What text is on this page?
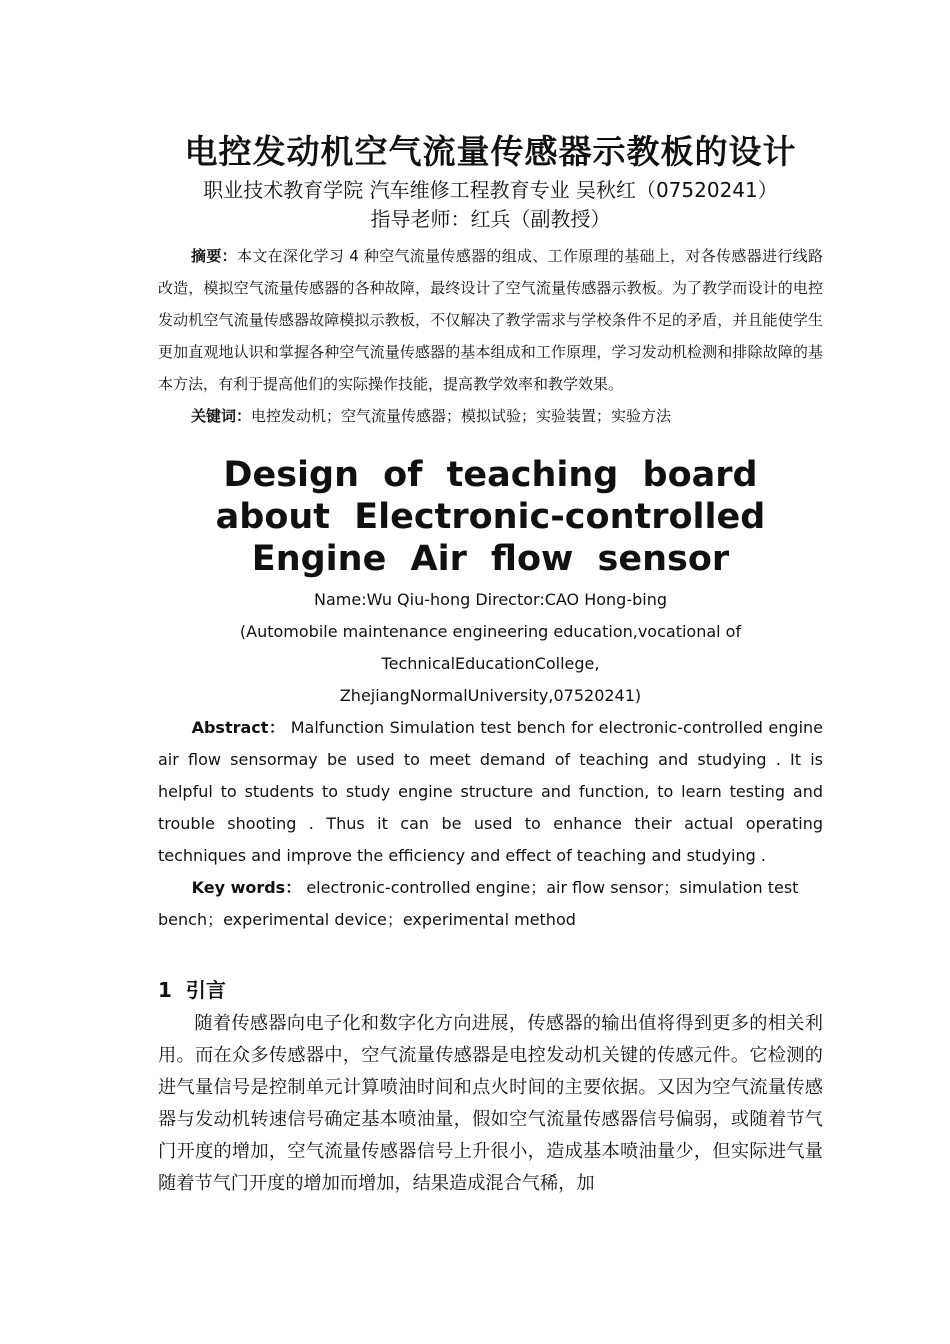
电控发动机空气流量传感器示教板的设计

职业技术教育学院 汽车维修工程教育专业 吴秋红（07520241）

指导老师：红兵（副教授）

摘要：本文在深化学习 4 种空气流量传感器的组成、工作原理的基础上，对各传感器进行线路改造，模拟空气流量传感器的各种故障，最终设计了空气流量传感器示教板。为了教学而设计的电控发动机空气流量传感器故障模拟示教板，不仅解决了教学需求与学校条件不足的矛盾，并且能使学生更加直观地认识和掌握各种空气流量传感器的基本组成和工作原理，学习发动机检测和排除故障的基本方法，有利于提高他们的实际操作技能，提高教学效率和教学效果。

关键词：电控发动机；空气流量传感器；模拟试验；实验装置；实验方法

Design of teaching board
about Electronic-controlled
Engine Air flow sensor

Name:Wu Qiu-hong Director:CAO Hong-bing

(Automobile maintenance engineering education,vocational of

TechnicalEducationCollege,

ZhejiangNormalUniversity,07520241)

Abstract： Malfunction Simulation test bench for electronic-controlled engine air flow sensormay be used to meet demand of teaching and studying . It is helpful to students to study engine structure and function, to learn testing and trouble shooting . Thus it can be used to enhance their actual operating techniques and improve the efficiency and effect of teaching and studying .

Key words： electronic-controlled engine；air flow sensor；simulation test bench；experimental device；experimental method

1 引言

随着传感器向电子化和数字化方向进展，传感器的输出值将得到更多的相关利用。而在众多传感器中，空气流量传感器是电控发动机关键的传感元件。它检测的进气量信号是控制单元计算喷油时间和点火时间的主要依据。又因为空气流量传感器与发动机转速信号确定基本喷油量，假如空气流量传感器信号偏弱，或随着节气门开度的增加，空气流量传感器信号上升很小，造成基本喷油量少，但实际进气量随着节气门开度的增加而增加，结果造成混合气稀，加
